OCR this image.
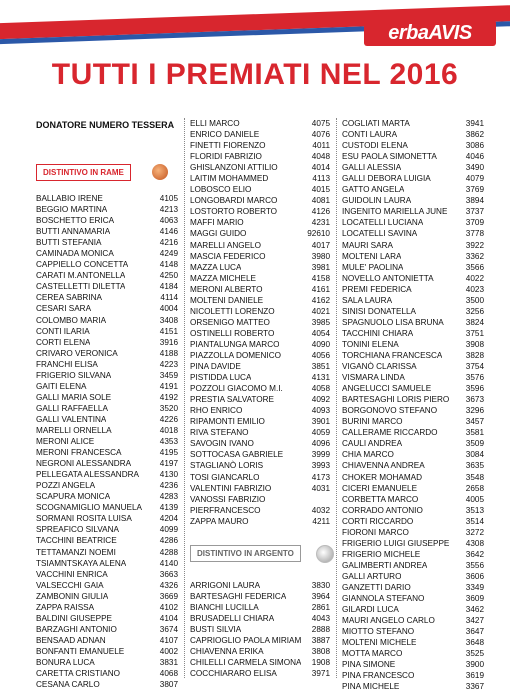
erbaAVIS
TUTTI I PREMIATI NEL 2016
DONATORE NUMERO TESSERA
DISTINTIVO IN RAME
BALLABIO IRENE	4105
BEGGIO MARTINA	4213
BOSCHETTO ERICA	4063
BUTTI ANNAMARIA	4146
BUTTI STEFANIA	4216
CAMINADA MONICA	4249
CAPPIELLO CONCETTA	4148
CARATI M.ANTONELLA	4250
CASTELLETTI DILETTA	4184
CEREA SABRINA	4114
CESARI SARA	4004
COLOMBO MARIA	3408
CONTI ILARIA	4151
CORTI ELENA	3916
CRIVARO VERONICA	4188
FRANCHI ELISA	4223
FRIGERIO SILVANA	3459
GAITI ELENA	4191
GALLI MARIA SOLE	4192
GALLI RAFFAELLA	3520
GALLI VALENTINA	4226
MARELLI ORNELLA	4018
MERONI ALICE	4353
MERONI FRANCESCA	4195
NEGRONI ALESSANDRA	4197
PELLEGATA ALESSANDRA	4130
POZZI ANGELA	4236
SCAPURA MONICA	4283
SCOGNAMIGLIO MANUELA 4139
SORMANI ROSITA LUISA	4204
SPREAFICO SILVANA	4099
TACCHINI BEATRICE	4286
TETTAMANZI NOEMI	4288
TSIAMNTSKAYA ALENA	4140
VACCHINI ENRICA	3663
VALSECCHI GAIA	4326
ZAMBONIN GIULIA	3669
ZAPPA RAISSA	4102
BALDINI GIUSEPPE	4104
BARZAGHI ANTONIO	3674
BENSAAD ADNAN	4107
BONFANTI EMANUELE	4002
BONURA LUCA	3831
CARETTA CRISTIANO	4068
CESANA CARLO	3807
ELLI MARCO	4075
ENRICO DANIELE	4076
FINETTI FIORENZO	4011
FLORIDI FABRIZIO	4048
GHISLANZONI ATTILIO	4014
LAITIM MOHAMMED	4113
LOBOSCO ELIO	4015
LONGOBARDI MARCO	4081
LOSTORTO ROBERTO	4126
MAFFI MARIO	4231
MAGGI GUIDO	92610
MARELLI ANGELO	4017
MASCIA FEDERICO	3980
MAZZA LUCA	3981
MAZZA MICHELE	4158
MERONI ALBERTO	4161
MOLTENI DANIELE	4162
NICOLETTI LORENZO	4021
ORSENIGO MATTEO	3985
OSTINELLI ROBERTO	4054
PIANTALUNGA MARCO	4090
PIAZZOLLA DOMENICO	4056
PINA DAVIDE	3851
PISTIDDA LUCA	4131
POZZOLI GIACOMO M.I.	4058
PRESTIA SALVATORE	4092
RHO ENRICO	4093
RIPAMONTI EMILIO	3901
RIVA STEFANO	4059
SAVOGIN IVANO	4096
SOTTOCASA GABRIELE	3999
STAGLIANÒ LORIS	3993
TOSI GIANCARLO	4173
VALENTINI FABRIZIO	4031
VANOSSI FABRIZIO
PIERFRANCESCO	4032
ZAPPA MAURO	4211
DISTINTIVO IN ARGENTO
ARRIGONI LAURA	3830
BARTESAGHI FEDERICA	3964
BIANCHI LUCILLA	2861
BRUSADELLI CHIARA	4043
BUSTI SILVIA	2888
CAPRIOGLIO PAOLA MIRIAM 3887
CHIAVENNA ERIKA	3808
CHILELLI CARMELA SIMONA 1908
COCCHIARARO ELISA	3971
COGLIATI MARTA	3941
CONTI LAURA	3862
CUSTODI ELENA	3086
ESU PAOLA SIMONETTA	4046
GALLI ALESSIA	3490
GALLI DEBORA LUIGIA	4079
GATTO ANGELA	3769
GUIDOLIN LAURA	3894
INGENITO MARIELLA JUNE 3737
LOCATELLI LUCIANA	3709
LOCATELLI SAVINA	3778
MAURI SARA	3922
MOLTENI LARA	3362
MULE' PAOLINA	3566
NOVELLO ANTONIETTA	4022
PREMI FEDERICA	4023
SALA LAURA	3500
SINISI DONATELLA	3256
SPAGNUOLO LISA BRUNA	3824
TACCHINI CHIARA	3751
TONINI ELENA	3908
TORCHIANA FRANCESCA	3828
VIGANÒ CLARISSA	3754
VISMARA LINDA	3576
ANGELUCCI SAMUELE	3596
BARTESAGHI LORIS PIERO 3673
BORGONOVO STEFANO	3296
BURINI MARCO	3457
CALLERAME RICCARDO	3581
CAULI ANDREA	3509
CHIA MARCO	3084
CHIAVENNA ANDREA	3635
CHOKER MOHAMAD	3548
CICERI EMANUELE	2658
CORBETTA MARCO	4005
CORRADO ANTONIO	3513
CORTI RICCARDO	3514
FIORONI MARCO	3272
FRIGERIO LUIGI GIUSEPPE 4308
FRIGERIO MICHELE	3642
GALIMBERTI ANDREA	3556
GALLI ARTURO	3606
GANZETTI DARIO	3349
GIANNOLA STEFANO	3609
GILARDI LUCA	3462
MAURI ANGELO CARLO	3427
MIOTTO STEFANO	3647
MOLTENI MICHELE	3648
MOTTA MARCO	3525
PINA SIMONE	3900
PINA FRANCESCO	3619
PINA MICHELE	3367
